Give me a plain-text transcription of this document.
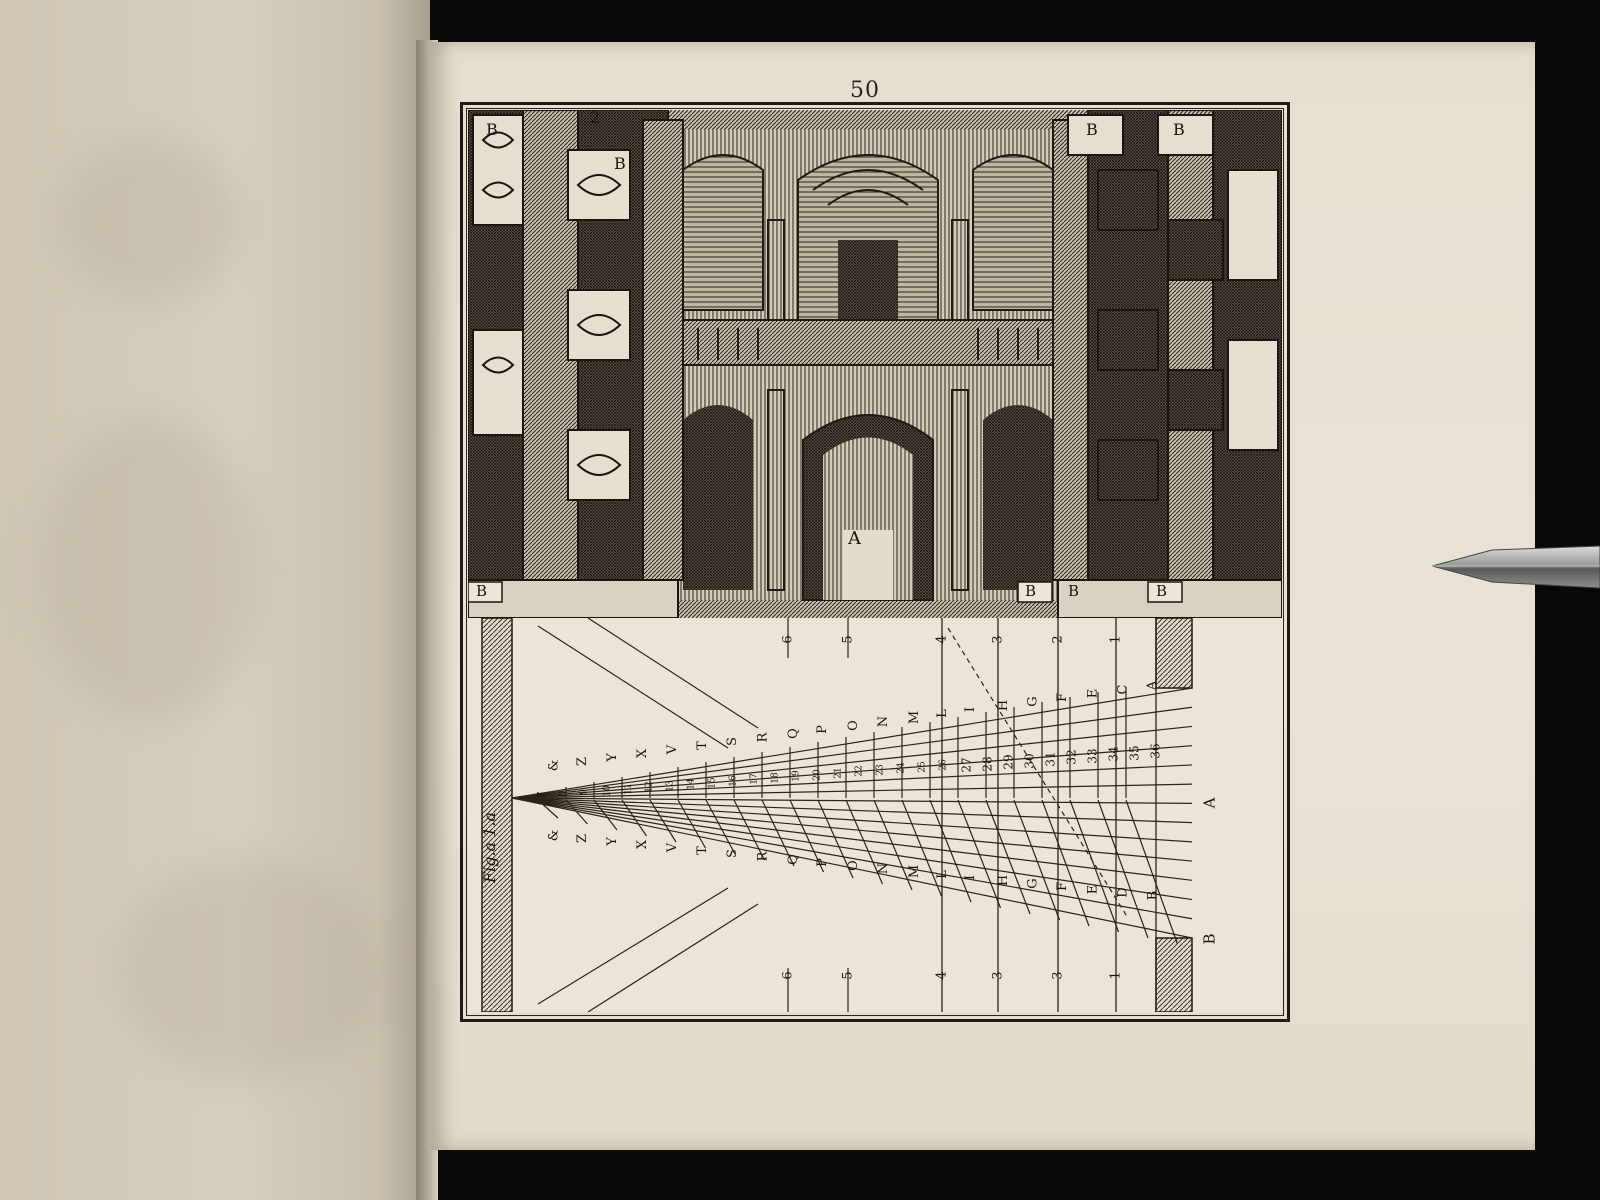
50
B
2
B
B	B
A
B	B B	B
A
B
C
D
E
E
F
F
G
G
H
H
I
I
L
L
M
M
N
N
O
O
P
P
Q
Q
R
R
S
S
T
T
V
V
X
X
Y
Y
Z
Z
&
&
36
35
34
33
32
31
30
29
28
27
26
25
24
23
22
21
20
19
18
17
16
15
14
13
12
11
10
9
8
7
1
2
3
4
5
6
1
3
3
4
5
6
Fig.a 1.a
A
B
